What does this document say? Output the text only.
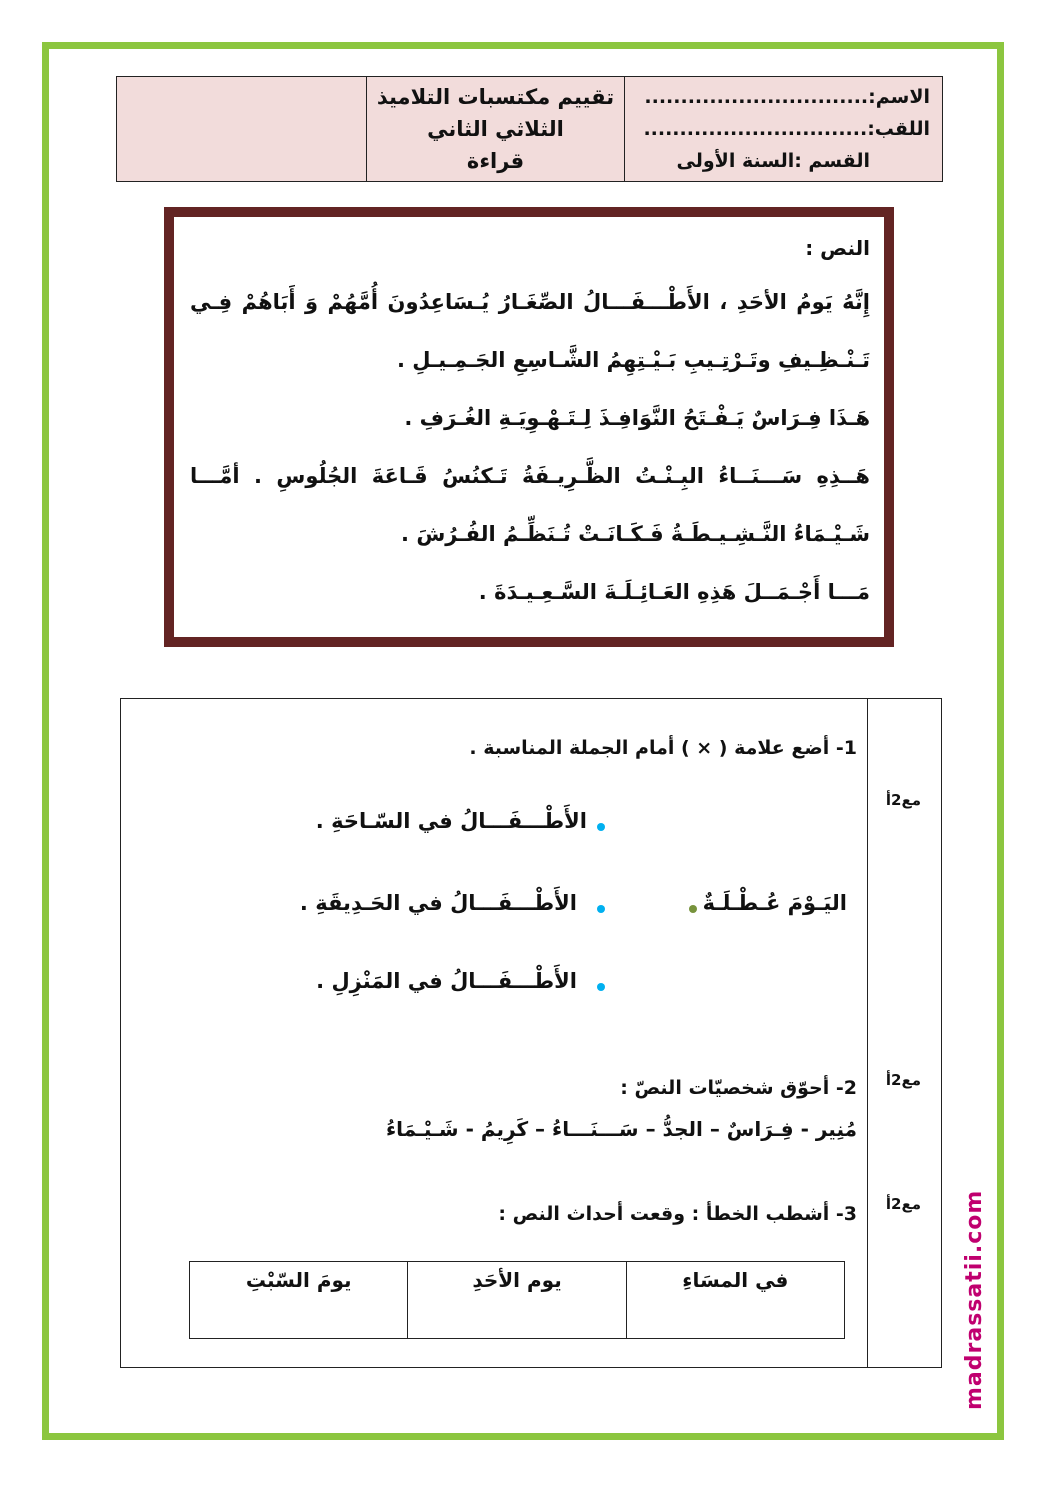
تقييم مكتسبات التلاميذ
الثلاثي الثاني
قراءة
الاسم:...............................
اللقب:...............................
القسم :السنة الأولى
النص :
إِنَّهُ يَومُ الأحَدِ ، الأَطْـــفَـــالُ الصِّغَـارُ يُـسَاعِدُونَ أُمَّهُمْ وَ أَبَاهُمْ فِـي
تَـنْـظِـيفِ وتَـرْتِـيبِ بَـيْـتِهِمُ الشَّـاسِعِ الجَـمِـيـلِ .
هَـذَا فِـرَاسٌ يَـفْـتَحُ النَّوَافِـذَ لِـتَـهْـوِيَـةِ الغُـرَفِ .
هَــذِهِ سَـــنَــاءُ البِـنْـتُ الظَّـرِيـفَةُ تَـكنُسُ قَـاعَةَ الجُلُوسِ . أمَّـــا
شَـيْـمَاءُ النَّـشِـيـطَـةُ فَـكَـانَـتْ تُـنَظِّـمُ الفُـرُشَ .
مَـــا أَجْـمَــلَ هَذِهِ العَـائِـلَـةَ السَّـعِـيـدَةَ .
1- أضع علامة ( × ) أمام الجملة المناسبة .
الأَطْـــفَـــالُ في السّـاحَةِ .
اليَـوْمَ عُـطْـلَـةٌ
الأَطْـــفَـــالُ في الحَـدِيقَةِ .
الأَطْـــفَـــالُ في المَنْزِلِ .
2- أحوّق شخصيّات النصّ :
مُنِير - فِـرَاسٌ – الجدُّ – سَـــنَـــاءُ – كَرِيمُ - شَـيْـمَاءُ
3- أشطب الخطأ : وقعت أحداث النص :
في المسَاءِ
يوم الأحَدِ
يومَ السّبْتِ
مع2أ
مع2أ
مع2أ madrassatii.com
